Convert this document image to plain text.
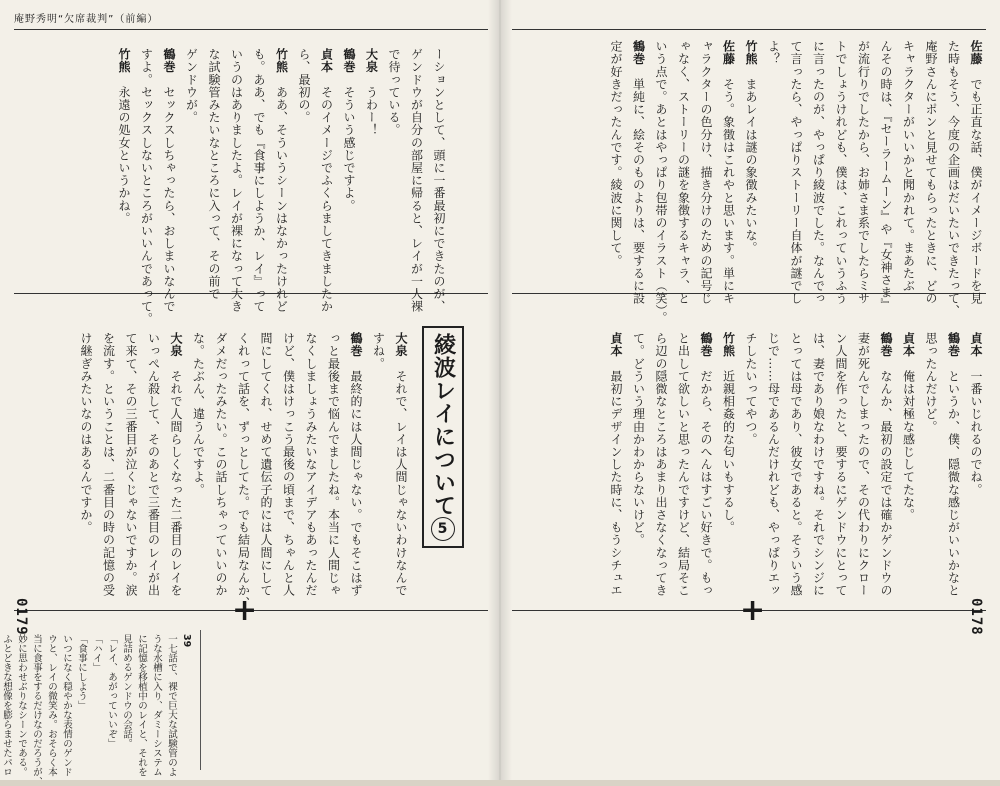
庵野秀明“欠席裁判”（前編）
ーションとして、頭に一番最初にできたのが、
ゲンドウが自分の部屋に帰ると、レイが一人裸
で待っている。
大泉　うわー！
鶴巻　そういう感じですよ。
貞本　そのイメージでふくらましてきましたか
ら、最初の。
竹熊　ああ、そういうシーンはなかったけれど
も。ああ、でも『食事にしようか、レイ』って
いうのはありましたよ。レイが裸になって大き
な試験管みたいなところに入って、その前で
ゲンドウが。
鶴巻　セックスしちゃったら、おしまいなんで
すよ。セックスしないところがいいんであって。
竹熊　永遠の処女というかね。
綾波レイについて
5
大泉　それで、レイは人間じゃないわけなんで
すね。
鶴巻　最終的には人間じゃない。でもそこはず
っと最後まで悩んでましたね。本当に人間じゃ
なくしましょうみたいなアイデアもあったんだ
けど、僕はけっこう最後の頃まで、ちゃんと人
間にしてくれ、せめて遺伝子的には人間にして
くれって話を、ずっとしてた。でも結局なんか、
ダメだったみたい。この話しちゃっていいのか
な。たぶん、違うんですよ。
大泉　それで人間らしくなった二番目のレイを
いっぺん殺して、そのあとで三番目のレイが出
て来て、その三番目が泣くじゃないですか。涙
を流す。ということは、二番目の時の記憶の受
け継ぎみたいなのはあるんですか。
+
0179
39
一七話で、裸で巨大な試験管のよ
うな水槽に入り、ダミーシステム
に記憶を移植中のレイと、それを
見詰めるゲンドウの会話。
「レイ、あがっていいぞ」
「ハイ」
「食事にしよう」
いつになく穏やかな表情のゲンド
ウと、レイの微笑み。おそらく本
当に食事をするだけなのだろうが、
妙に思わせぶりなシーンである。
ふとどきな想像を膨らませたパロ
佐藤　でも正直な話、僕がイメージボードを見
た時もそう、今度の企画はだいたいできたって、
庵野さんにポンと見せてもらったときに、どの
キャラクターがいいかと聞かれて。まあたぶ
んその時は、『セーラームーン』や『女神さま』
が流行りでしたから、お姉さま系でしたらミサ
トでしょうけれども、僕は、これっていうふう
に言ったのが、やっぱり綾波でした。なんでっ
て言ったら、やっぱりストーリー自体が謎でし
よ？
竹熊　まあレイは謎の象徴みたいな。
佐藤　そう。象徴はこれやと思います。単にキ
ャラクターの色分け、描き分けのための記号じ
ゃなく、ストーリーの謎を象徴するキャラ、と
いう点で。あとはやっぱり包帯のイラスト（笑）。
鶴巻　単純に、絵そのものよりは、要するに設
定が好きだったんです。綾波に関して。
貞本　一番いじれるのでね。
鶴巻　というか、僕、隠微な感じがいいかなと
思ったんだけど。
貞本　俺は対極な感じしてたな。
鶴巻　なんか、最初の設定では確かゲンドウの
妻が死んでしまったので、その代わりにクロー
ン人間を作ったと、要するにゲンドウにとって
は、妻であり娘なわけですね。それでシンジに
とっては母であり、彼女であると。そういう感
じで……母であるんだけれども、やっぱりエッ
チしたいってやつ。
竹熊　近親相姦的な匂いもするし。
鶴巻　だから、そのへんはすごい好きで。もっ
と出して欲しいと思ったんですけど、結局そこ
ら辺の隠微なところはあまり出さなくなってき
て。どういう理由かわからないけど。
貞本　最初にデザインした時に、もうシチュエ
+	0178
